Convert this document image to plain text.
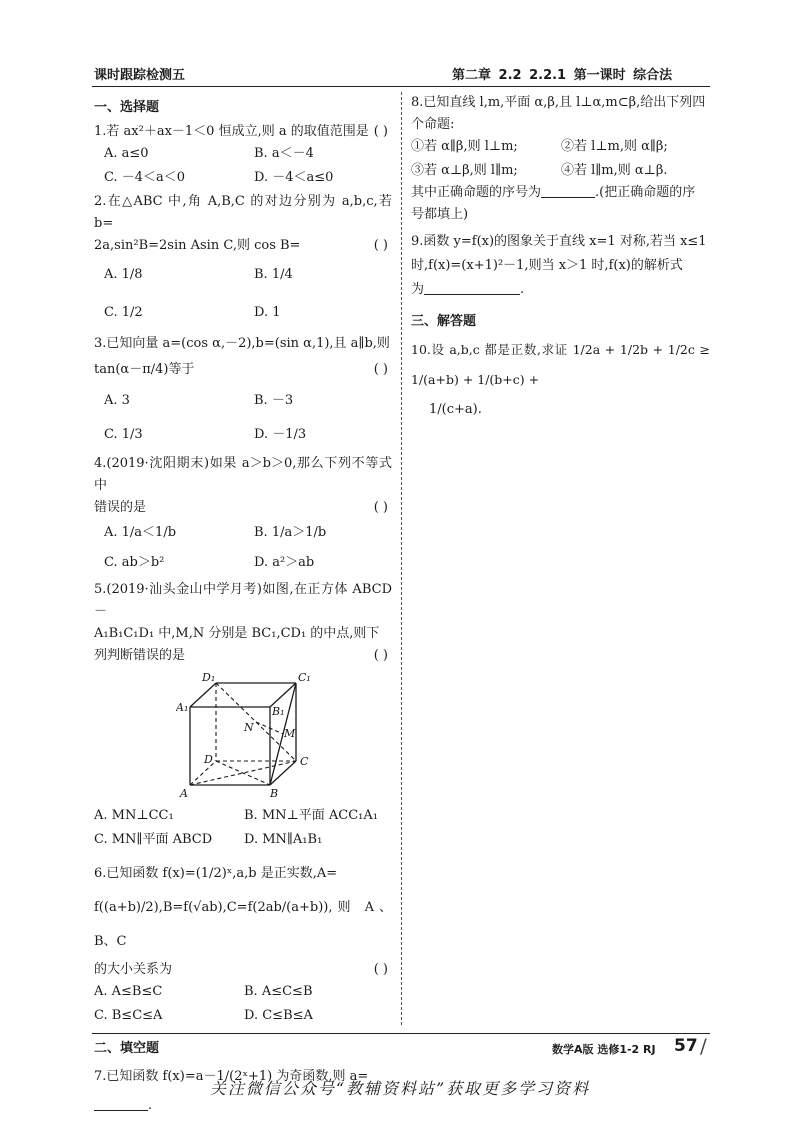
课时跟踪检测五	第二章 2.2 2.2.1 第一课时 综合法
一、选择题
1.若 ax²＋ax－1＜0 恒成立,则 a 的取值范围是 ( )
A. a≤0	B. a＜－4
C. －4＜a＜0	D. －4＜a≤0
2.在△ABC 中,角 A,B,C 的对边分别为 a,b,c,若 b=
2a,sin²B=2sin Asin C,则 cos B=	( )
A. 1/8	B. 1/4
C. 1/2	D. 1
3.已知向量 a=(cos α,－2),b=(sin α,1),且 a∥b,则
tan(α－π/4)等于	( )
A. 3	B. －3
C. 1/3	D. －1/3
4.(2019·沈阳期末)如果 a＞b＞0,那么下列不等式中
错误的是	( )
A. 1/a＜1/b	B. 1/a＞1/b
C. ab＞b²	D. a²＞ab
5.(2019·汕头金山中学月考)如图,在正方体 ABCD－
A₁B₁C₁D₁ 中,M,N 分别是 BC₁,CD₁ 的中点,则下
列判断错误的是	( )
D₁	C₁
A₁	B₁
N	M
D	C
A	B
A. MN⊥CC₁	B. MN⊥平面 ACC₁A₁
C. MN∥平面 ABCD	D. MN∥A₁B₁
6.已知函数 f(x)=(1/2)ˣ,a,b 是正实数,A=
f((a+b)/2),B=f(√ab),C=f(2ab/(a+b)),则 A、B、C
的大小关系为	( )
A. A≤B≤C	B. A≤C≤B
C. B≤C≤A	D. C≤B≤A
二、填空题
7.已知函数 f(x)=a－1/(2ˣ+1) 为奇函数,则 a=
.
8.已知直线 l,m,平面 α,β,且 l⊥α,m⊂β,给出下列四
个命题:
①若 α∥β,则 l⊥m;	②若 l⊥m,则 α∥β;
③若 α⊥β,则 l∥m;	④若 l∥m,则 α⊥β.
其中正确命题的序号为	.(把正确命题的序
号都填上)
9.函数 y=f(x)的图象关于直线 x=1 对称,若当 x≤1
时,f(x)=(x+1)²－1,则当 x＞1 时,f(x)的解析式
为	.
三、解答题
10.设 a,b,c 都是正数,求证 1/2a + 1/2b + 1/2c ≥ 1/(a+b) + 1/(b+c) +
1/(c+a).
数学A版 选修1-2 RJ 57 /
关注微信公众号“教辅资料站”获取更多学习资料
